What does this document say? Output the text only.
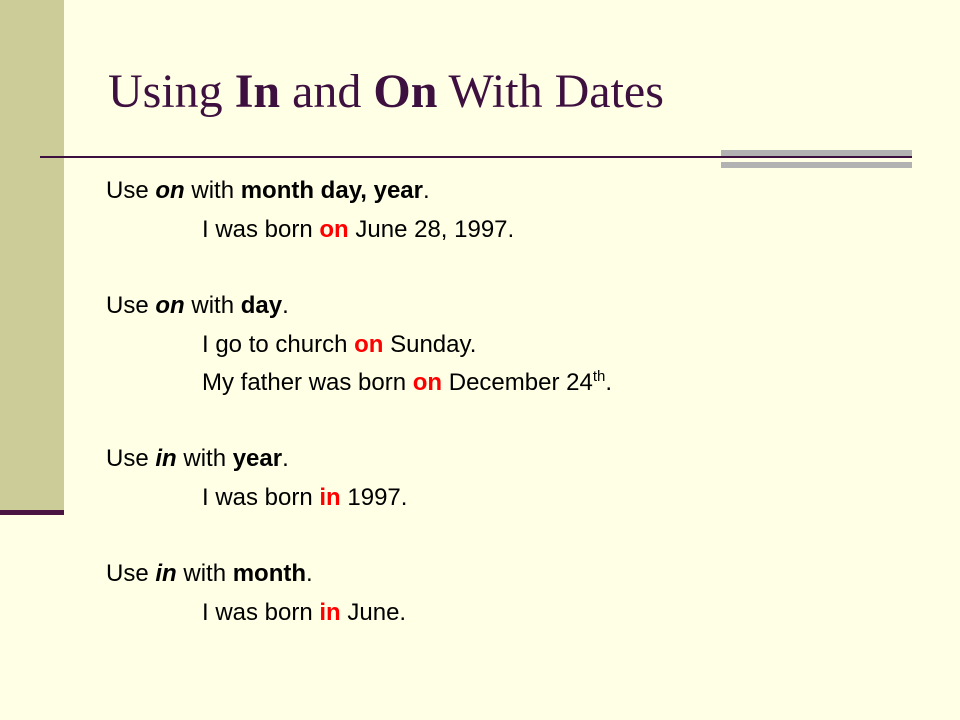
Using In and On With Dates
Use on with month day, year.
I was born on June 28, 1997.
Use on with day.
I go to church on Sunday.
My father was born on December 24th.
Use in with year.
I was born in 1997.
Use in with month.
I was born in June.
